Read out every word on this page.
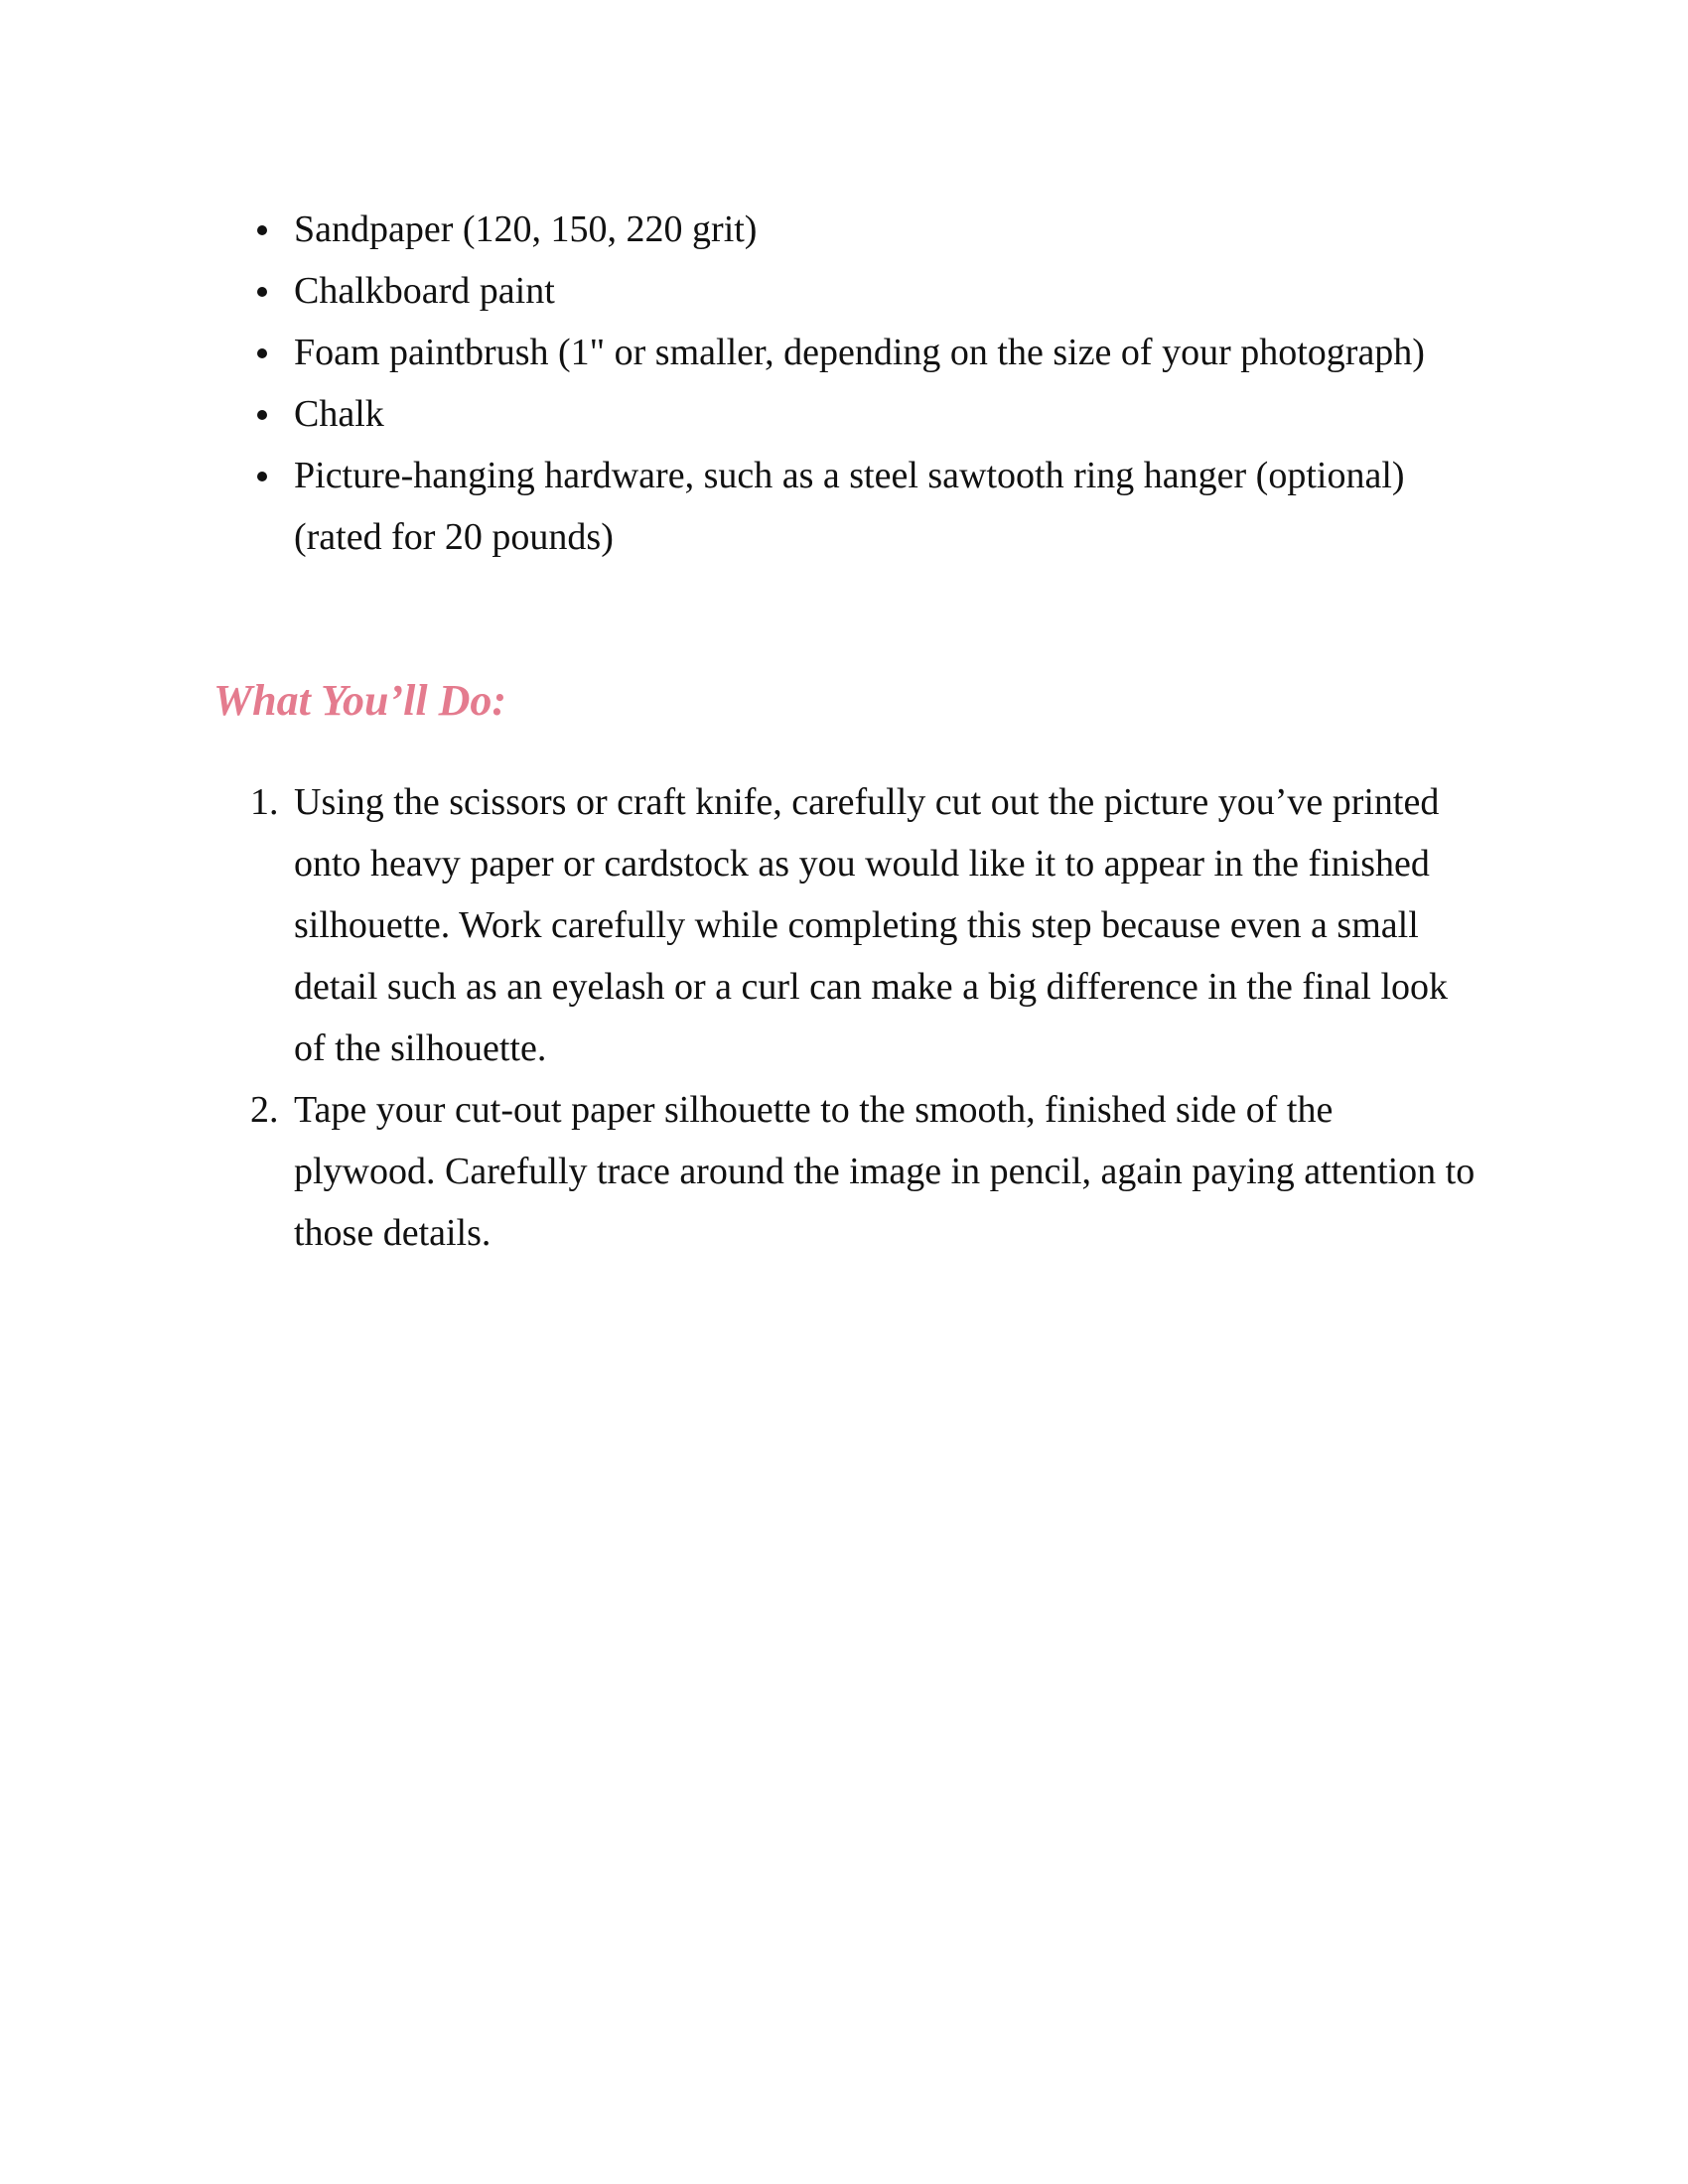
Sandpaper (120, 150, 220 grit)
Chalkboard paint
Foam paintbrush (1" or smaller, depending on the size of your photograph)
Chalk
Picture-hanging hardware, such as a steel sawtooth ring hanger (optional) (rated for 20 pounds)
What You’ll Do:
1. Using the scissors or craft knife, carefully cut out the picture you’ve printed onto heavy paper or cardstock as you would like it to appear in the finished silhouette. Work carefully while completing this step because even a small detail such as an eyelash or a curl can make a big difference in the final look of the silhouette.
2. Tape your cut-out paper silhouette to the smooth, finished side of the plywood. Carefully trace around the image in pencil, again paying attention to those details.
